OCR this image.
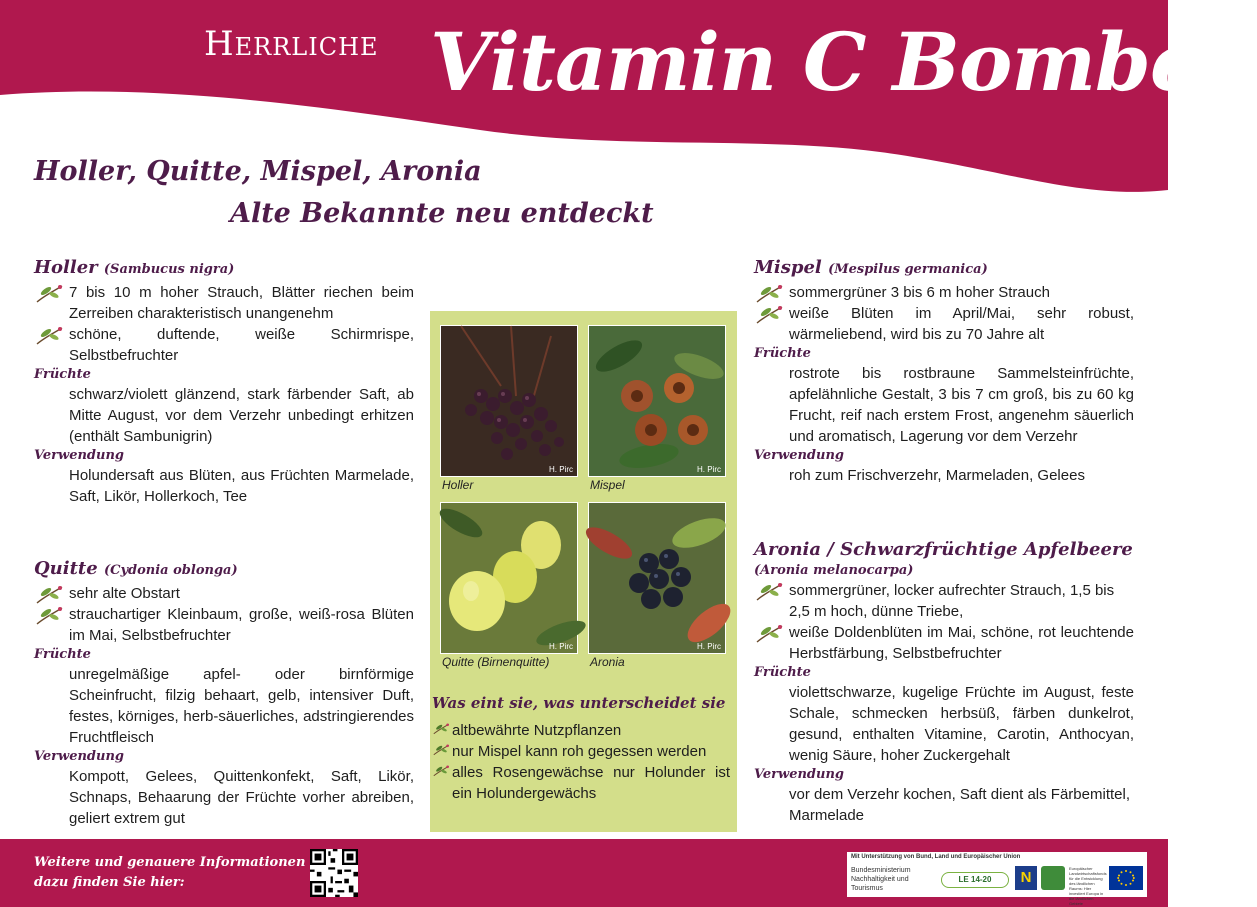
Herrliche Vitamin C Bomben
Holler, Quitte, Mispel, Aronia
Alte Bekannte neu entdeckt
Holler (Sambucus nigra)
7 bis 10 m hoher Strauch, Blätter riechen beim Zerreiben charakteristisch unangenehm
schöne, duftende, weiße Schirmrispe, Selbstbefruchter
Früchte
schwarz/violett glänzend, stark färbender Saft, ab Mitte August, vor dem Verzehr unbedingt erhitzen (enthält Sambunigrin)
Verwendung
Holundersaft aus Blüten, aus Früchten Marmelade, Saft, Likör, Hollerkoch, Tee
Quitte (Cydonia oblonga)
sehr alte Obstart
strauchartiger Kleinbaum, große, weiß-rosa Blüten im Mai, Selbstbefruchter
Früchte
unregelmäßige apfel- oder birnförmige Scheinfrucht, filzig behaart, gelb, intensiver Duft, festes, körniges, herb-säuerliches, adstringierendes Fruchtfleisch
Verwendung
Kompott, Gelees, Quittenkonfekt, Saft, Likör, Schnaps, Behaarung der Früchte vorher abreiben, geliert extrem gut
H. Pirc
Holler
H. Pirc
Mispel
H. Pirc
Quitte (Birnenquitte)
H. Pirc
Aronia
Was eint sie, was unterscheidet sie
altbewährte Nutzpflanzen
nur Mispel kann roh gegessen werden
alles Rosengewächse nur Holunder ist ein Holundergewächs
Mispel (Mespilus germanica)
sommergrüner 3 bis 6 m hoher Strauch
weiße Blüten im April/Mai, sehr robust, wärmeliebend, wird bis zu 70 Jahre alt
Früchte
rostrote bis rostbraune Sammelsteinfrüchte, apfelähnliche Gestalt, 3 bis 7 cm groß, bis zu 60 kg Frucht, reif nach erstem Frost, angenehm säuerlich und aromatisch, Lagerung vor dem Verzehr
Verwendung
roh zum Frischverzehr, Marmeladen, Gelees
Aronia / Schwarzfrüchtige Apfelbeere
(Aronia melanocarpa)
sommergrüner, locker aufrechter Strauch, 1,5 bis 2,5 m hoch, dünne Triebe,
weiße Doldenblüten im Mai, schöne, rot leuchtende Herbstfärbung, Selbstbefruchter
Früchte
violettschwarze, kugelige Früchte im August, feste Schale, schmecken herbsüß, färben dunkelrot, gesund, enthalten Vitamine, Carotin, Anthocyan, wenig Säure, hoher Zuckergehalt
Verwendung
vor dem Verzehr kochen, Saft dient als Färbemittel, Marmelade
Weitere und genauere Informationen
dazu finden Sie hier:
Mit Unterstützung von Bund, Land und Europäischer Union
Bundesministerium
Nachhaltigkeit und
Tourismus
LE 14-20	N
Europäischer Landwirtschaftsfonds für die Entwicklung des ländlichen Raums: Hier investiert Europa in die ländlichen Gebiete
